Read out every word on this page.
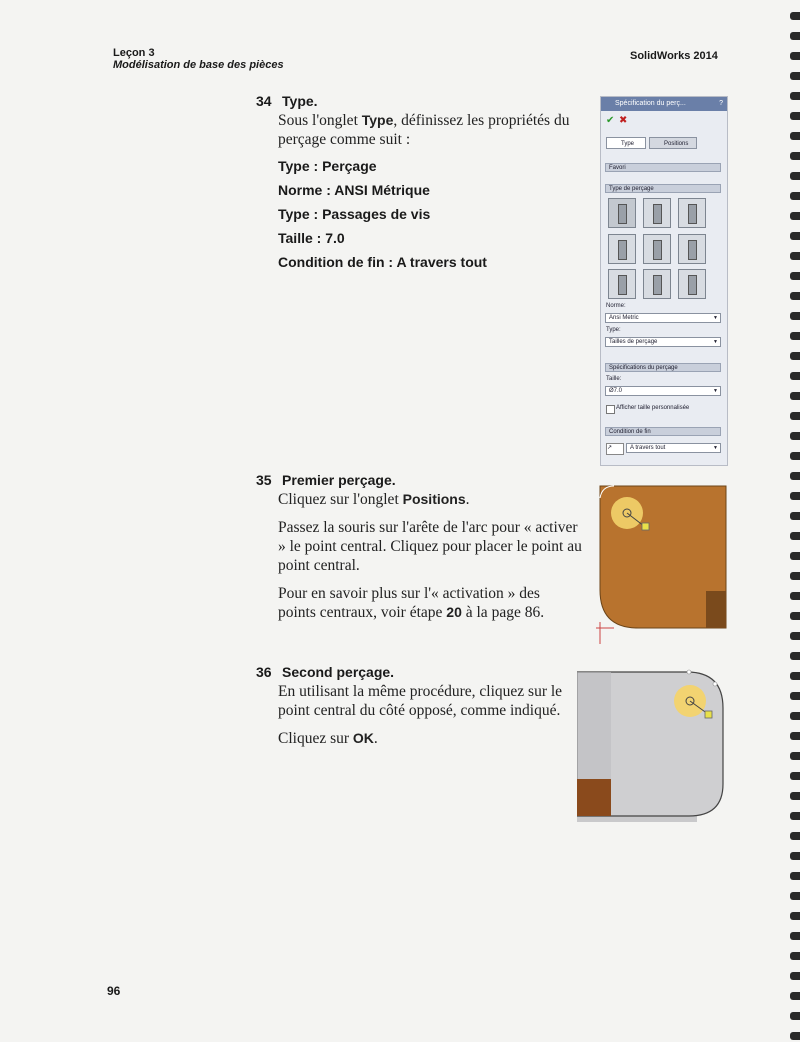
Leçon 3
Modélisation de base des pièces
SolidWorks 2014
34 Type.
Sous l'onglet Type, définissez les propriétés du perçage comme suit :
Type : Perçage
Norme : ANSI Métrique
Type : Passages de vis
Taille : 7.0
Condition de fin : A travers tout
Spécification du perç...	?
✔ ✖
Type	Positions
Favori
Type de perçage
Norme:
Ansi Metric	▼
Type:
Tailles de perçage	▼
Spécifications du perçage
Taille:
Ø7.0	▼
Afficher taille personnalisée
Condition de fin
↗	A travers tout	▼
35 Premier perçage.
Cliquez sur l'onglet Positions.
Passez la souris sur l'arête de l'arc pour « activer » le point central. Cliquez pour placer le point au point central.
Pour en savoir plus sur l'« activation » des points centraux, voir étape 20 à la page 86.
36 Second perçage.
En utilisant la même procédure, cliquez sur le point central du côté opposé, comme indiqué.
Cliquez sur OK.
96
